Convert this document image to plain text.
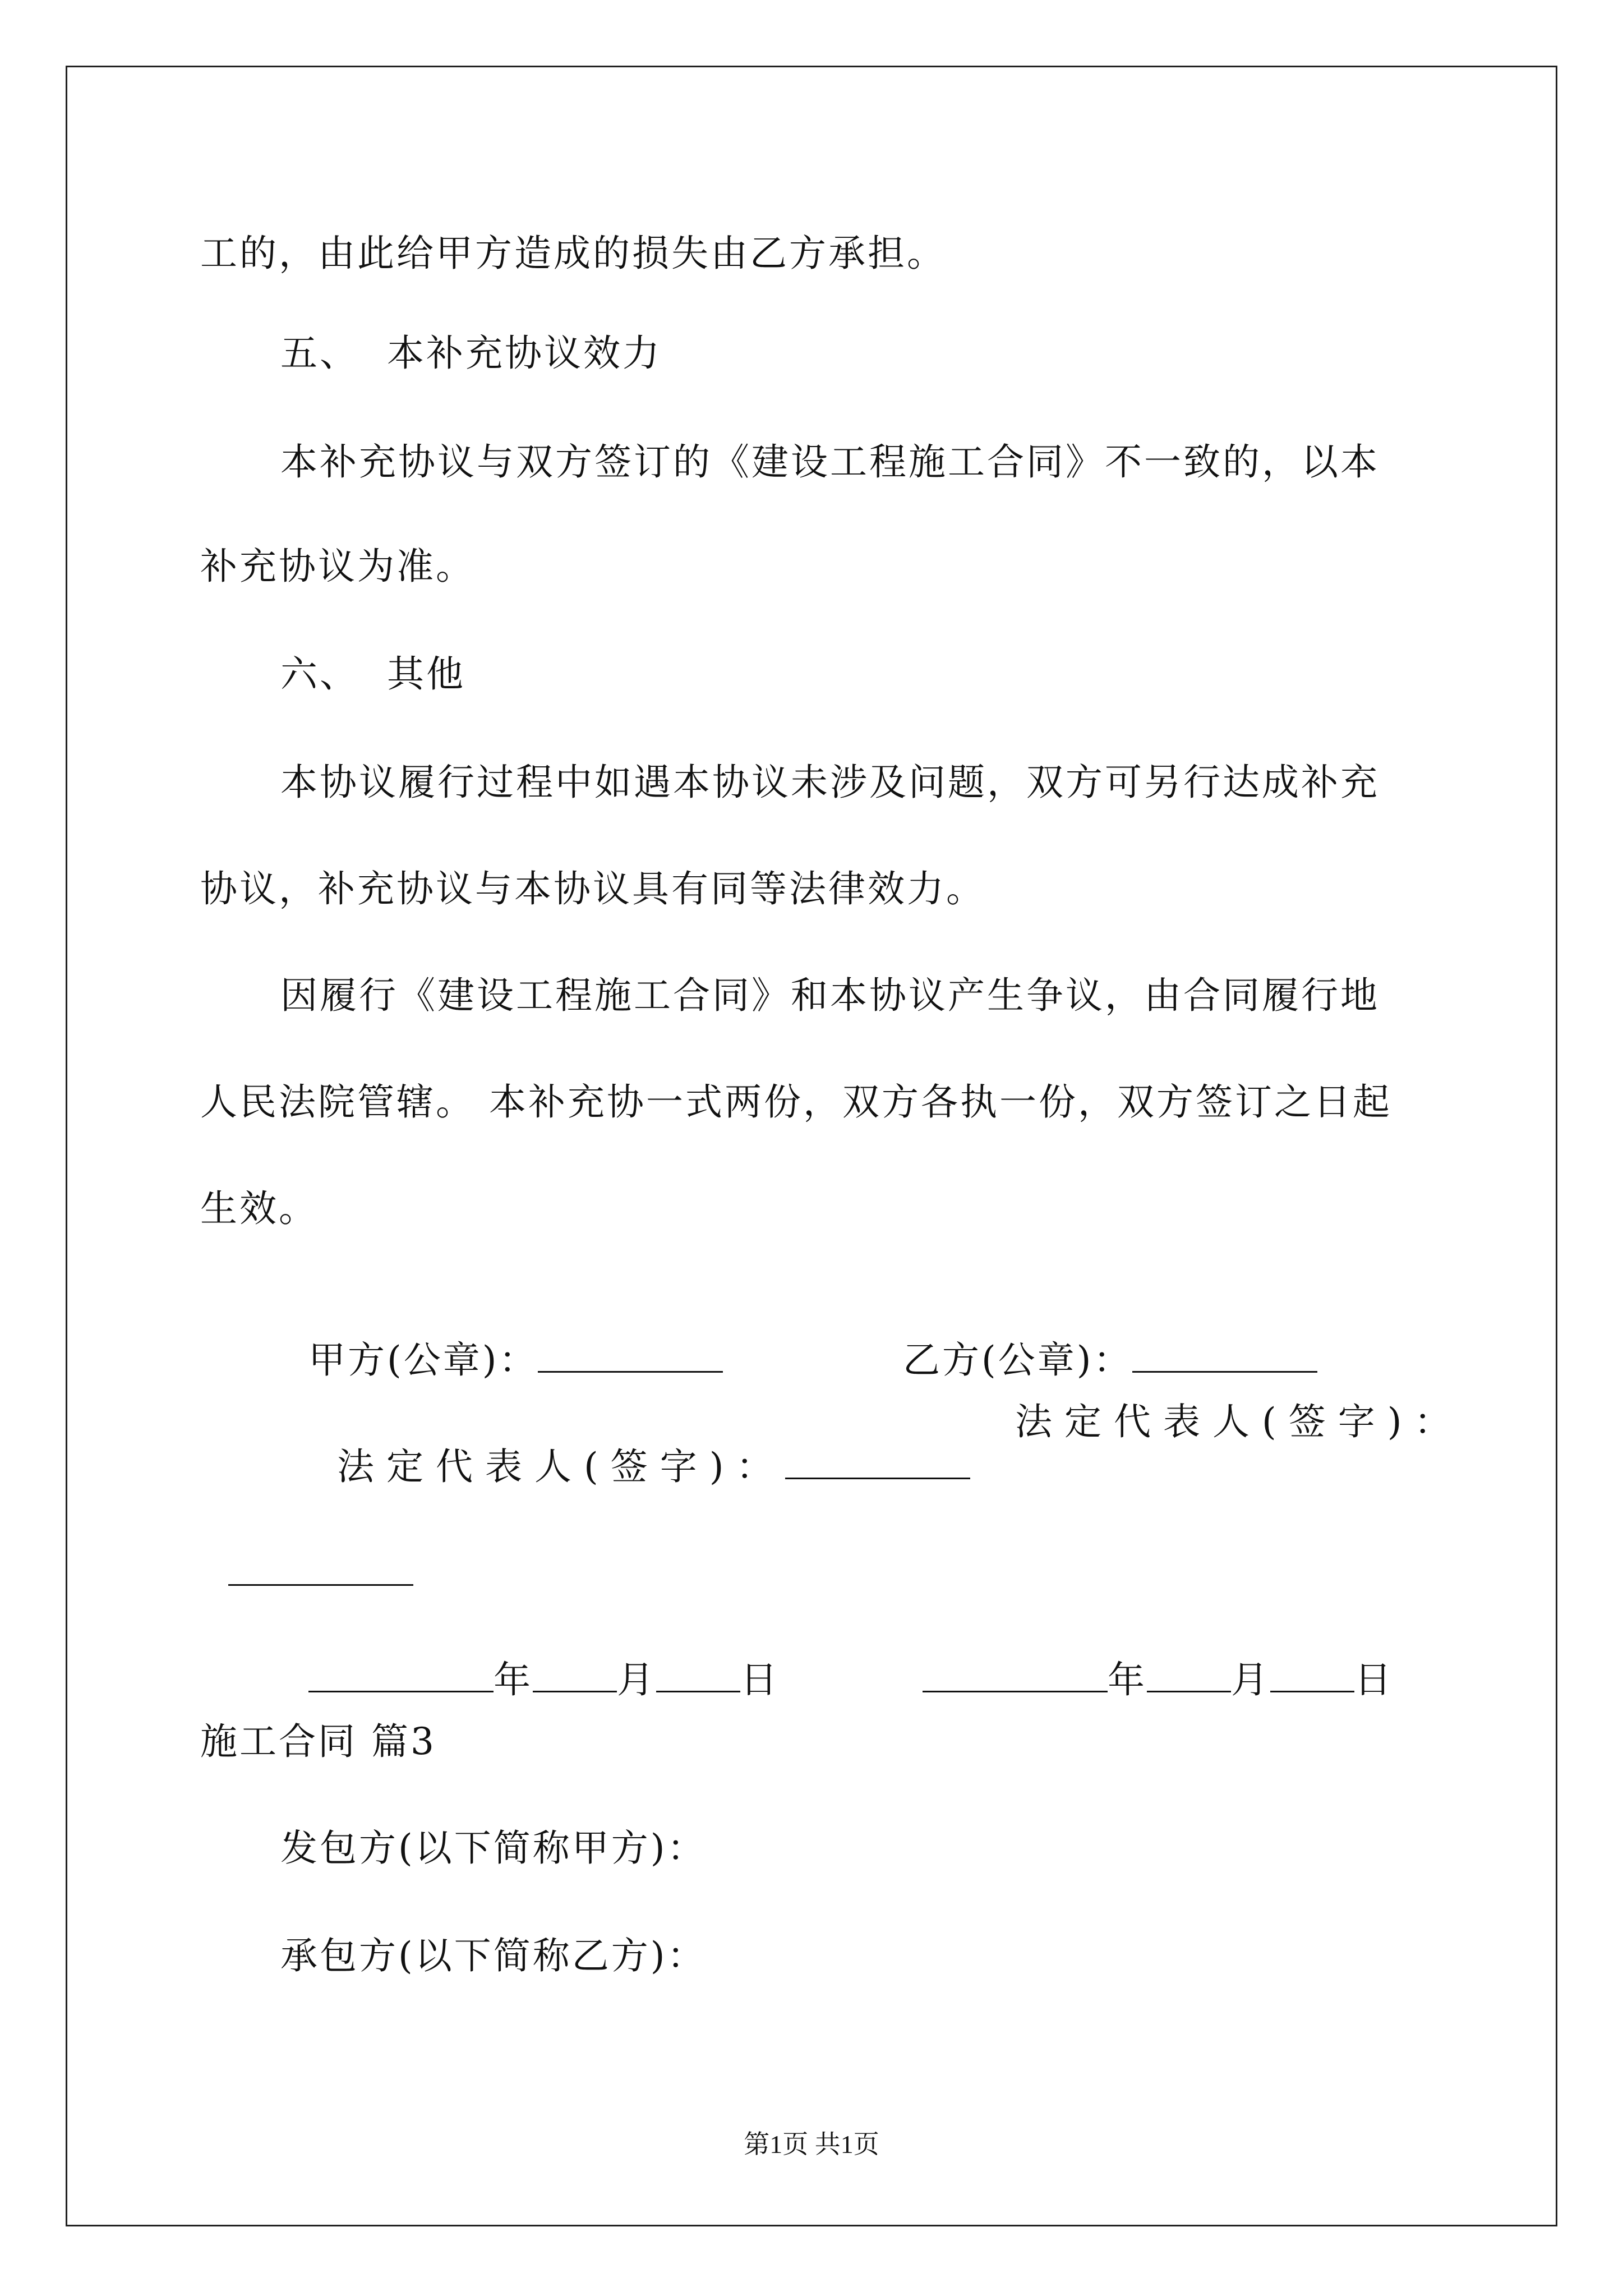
工的，由此给甲方造成的损失由乙方承担。
五、  本补充协议效力
本补充协议与双方签订的《建设工程施工合同》不一致的，以本
补充协议为准。
六、  其他
本协议履行过程中如遇本协议未涉及问题，双方可另行达成补充
协议，补充协议与本协议具有同等法律效力。
因履行《建设工程施工合同》和本协议产生争议，由合同履行地
人民法院管辖。 本补充协一式两份，双方各执一份，双方签订之日起
生效。

甲方(公章)：	乙方(公章)：

法定代表人(签字)：

法定代表人(签字)：

年 月 日	年 月 日

施工合同 篇3
发包方(以下简称甲方)：
承包方(以下简称乙方)：
第1页 共1页
